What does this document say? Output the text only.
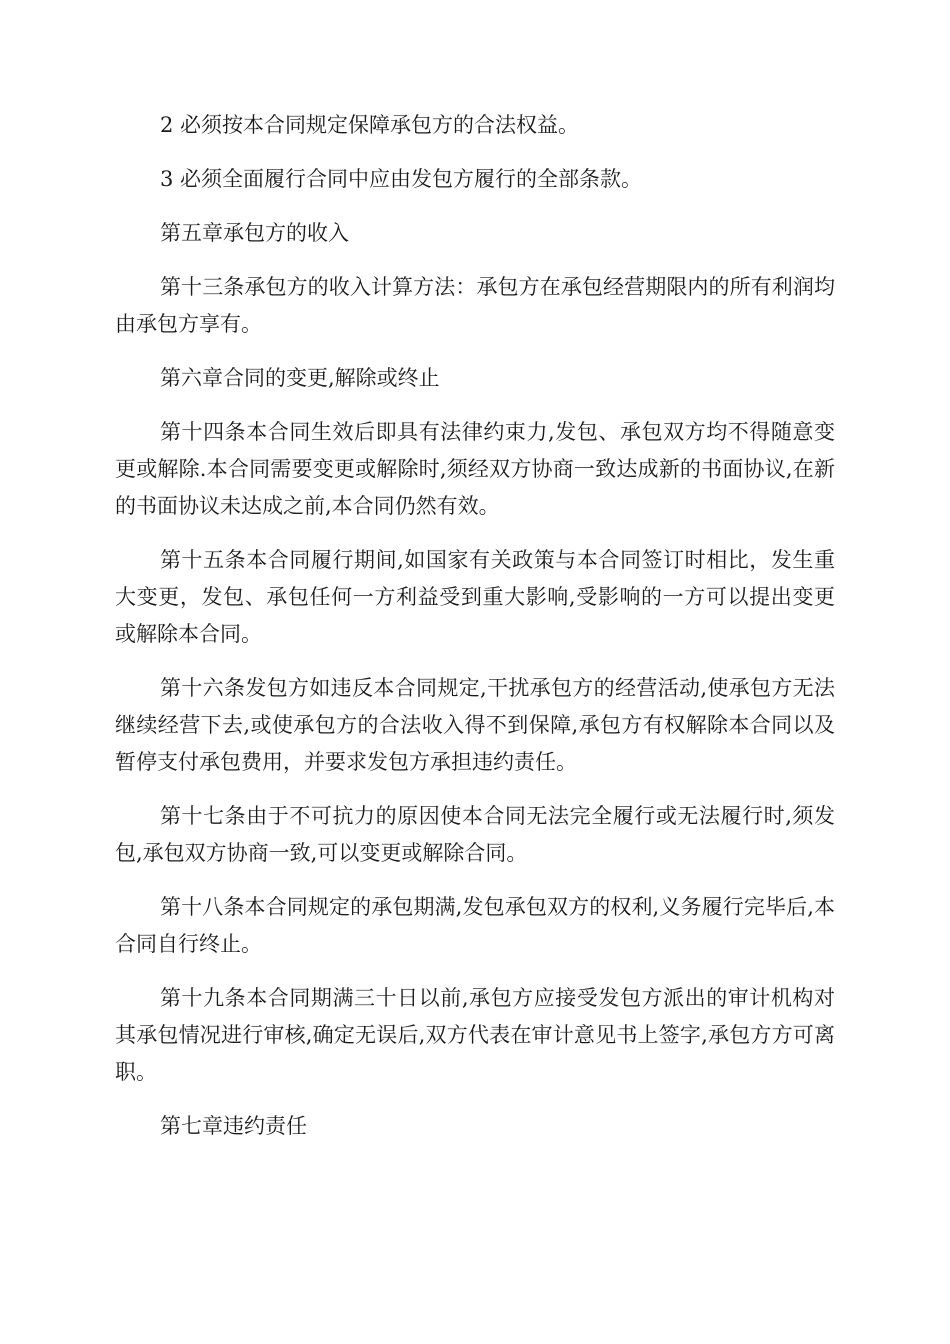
2 必须按本合同规定保障承包方的合法权益。

3 必须全面履行合同中应由发包方履行的全部条款。

第五章承包方的收入

第十三条承包方的收入计算方法：承包方在承包经营期限内的所有利润均由承包方享有。

第六章合同的变更,解除或终止

第十四条本合同生效后即具有法律约束力,发包、承包双方均不得随意变更或解除.本合同需要变更或解除时,须经双方协商一致达成新的书面协议,在新的书面协议未达成之前,本合同仍然有效。

第十五条本合同履行期间,如国家有关政策与本合同签订时相比，发生重大变更，发包、承包任何一方利益受到重大影响,受影响的一方可以提出变更或解除本合同。

第十六条发包方如违反本合同规定,干扰承包方的经营活动,使承包方无法继续经营下去,或使承包方的合法收入得不到保障,承包方有权解除本合同以及暂停支付承包费用，并要求发包方承担违约责任。

第十七条由于不可抗力的原因使本合同无法完全履行或无法履行时,须发包,承包双方协商一致,可以变更或解除合同。

第十八条本合同规定的承包期满,发包承包双方的权利,义务履行完毕后,本合同自行终止。

第十九条本合同期满三十日以前,承包方应接受发包方派出的审计机构对其承包情况进行审核,确定无误后,双方代表在审计意见书上签字,承包方方可离职。

第七章违约责任
